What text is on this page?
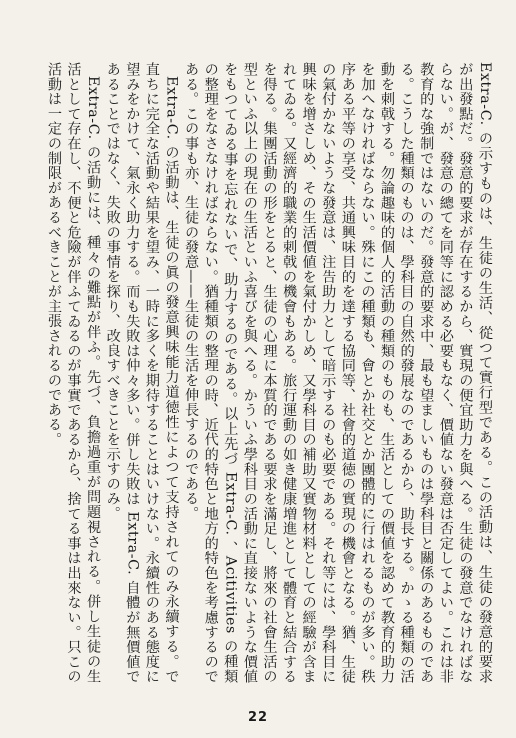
Extra-C. の示すものは、生徒の生活、從つて實行型である。この活動は、生徒の發意的要求が出發點だ。發意的要求が存在するから、實現の便宜助力を與へる。生徒の發意でなければならない。が、發意の總てを同等に認める必要もなく、價値ない發意は否定してよい。これは非教育的な強制ではないのだ。發意的要求中、最も望ましいものは學科目と關係のあるものである。こうした種類のものは、學科目の自然的發展なのであるから、助長する。かゝる種類の活動を刺戟する。勿論趣味的個人的活動の種類のものも、生活としての價値を認めて教育的助力を加へなければならない。殊にこの種類も、會とか社交とか團體的に行はれるものが多い。秩序ある平等の享受、共通興味目的を達する協同等、社會的道徳の實現の機會となる。猶、生徒の氣付かないような發意は、注告助力として暗示するのも必要である。それ等には、學科目に興味を增さしめ、その生活價値を氣付かしめ、又學科目の補助又實物材料としての經驗が含まれてゐる。又經濟的職業的刺戟の機會もある。旅行運動の如き健康増進として體育と結合するを得る。集團活動の形をとると、生徒の心理に本質的である要求を滿足し、將來の社會生活の型といふ以上の現在の生活といふ喜びを與へる。かういふ學科目の活動に直接ないような價値をもつてゐる事を忘れないで、助力するのである。以上先づ Extra-C. 、Acitivities の種類の整理をなさなければならない。猶種類の整理の時、近代的特色と地方的特色を考慮するのである。この事も亦、生徒の發意——生徒の生活を伸長するのである。

Extra-C. の活動は、生徒の眞の發意興味能力道徳性によつて支持されてのみ永續する。で直ちに完全な活動や結果を望み、一時に多くを期待することはいけない。永續性のある態度に望みをかけて、氣永く助力する。而も失敗は仲々多い。併し失敗は Extra-C. 自體が無價値であることではなく、失敗の事情を探り、改良すべきことを示すのみ。

Extra-C. の活動には、種々の難點が伴ふ。先づ、負擔過重が問題視される。併し生徒の生活として存在し、不便と危險が伴ふてゐるのが事實であるから、捨てる事は出來ない。只この活動は一定の制限があるべきことが主張されるのである。

22
